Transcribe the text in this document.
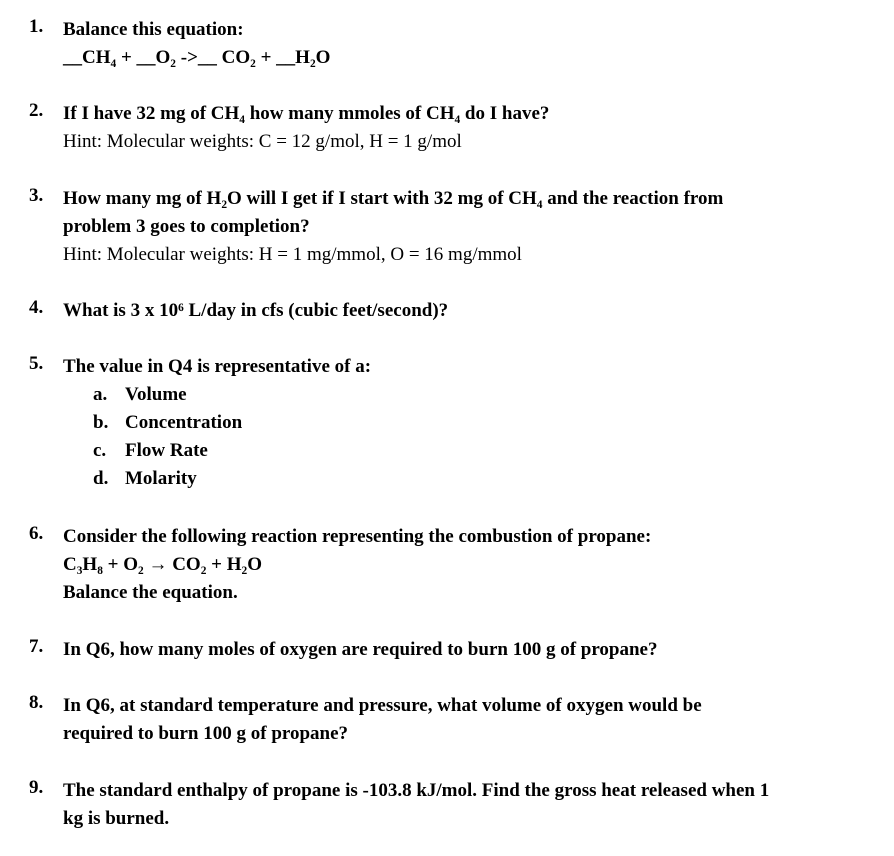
1.	Balance this equation:
__CH₄ + __O₂ ->__ CO₂ + __H₂O
2.	If I have 32 mg of CH₄ how many mmoles of CH₄ do I have?
Hint: Molecular weights: C = 12 g/mol, H = 1 g/mol
3.	How many mg of H₂O will I get if I start with 32 mg of CH₄ and the reaction from
problem 3 goes to completion?
Hint: Molecular weights: H = 1 mg/mmol, O = 16 mg/mmol
4.	What is 3 x 10⁶ L/day in cfs (cubic feet/second)?
5.	The value in Q4 is representative of a:
a. Volume
b. Concentration
c. Flow Rate
d. Molarity
6.	Consider the following reaction representing the combustion of propane:
C₃H₈ + O₂ → CO₂ + H₂O
Balance the equation.
7.	In Q6, how many moles of oxygen are required to burn 100 g of propane?
8.	In Q6, at standard temperature and pressure, what volume of oxygen would be
required to burn 100 g of propane?
9.	The standard enthalpy of propane is -103.8 kJ/mol. Find the gross heat released when 1
kg is burned.
